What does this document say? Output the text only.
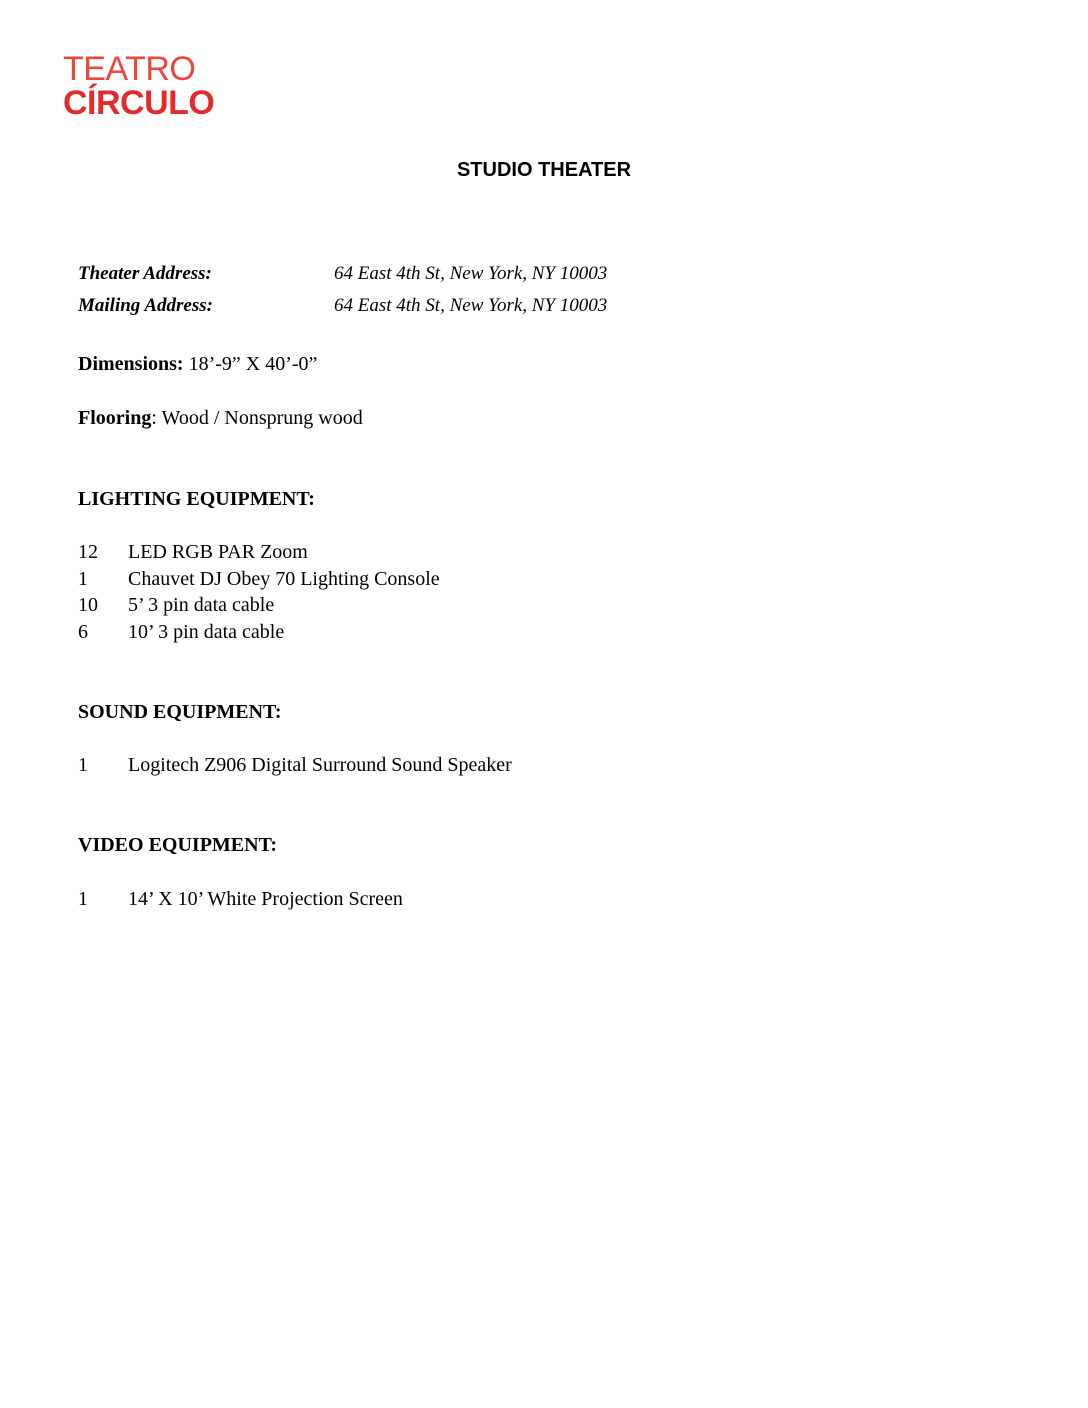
TEATRO
CÍRCULO
STUDIO THEATER
Theater Address:	64 East 4th St, New York, NY 10003
Mailing Address:	64 East 4th St, New York, NY 10003
Dimensions: 18’-9” X 40’-0”
Flooring: Wood / Nonsprung wood
LIGHTING EQUIPMENT:
12 LED RGB PAR Zoom
1 Chauvet DJ Obey 70 Lighting Console
10 5’ 3 pin data cable
6 10’ 3 pin data cable
SOUND EQUIPMENT:
1 Logitech Z906 Digital Surround Sound Speaker
VIDEO EQUIPMENT:
1 14’ X 10’ White Projection Screen
